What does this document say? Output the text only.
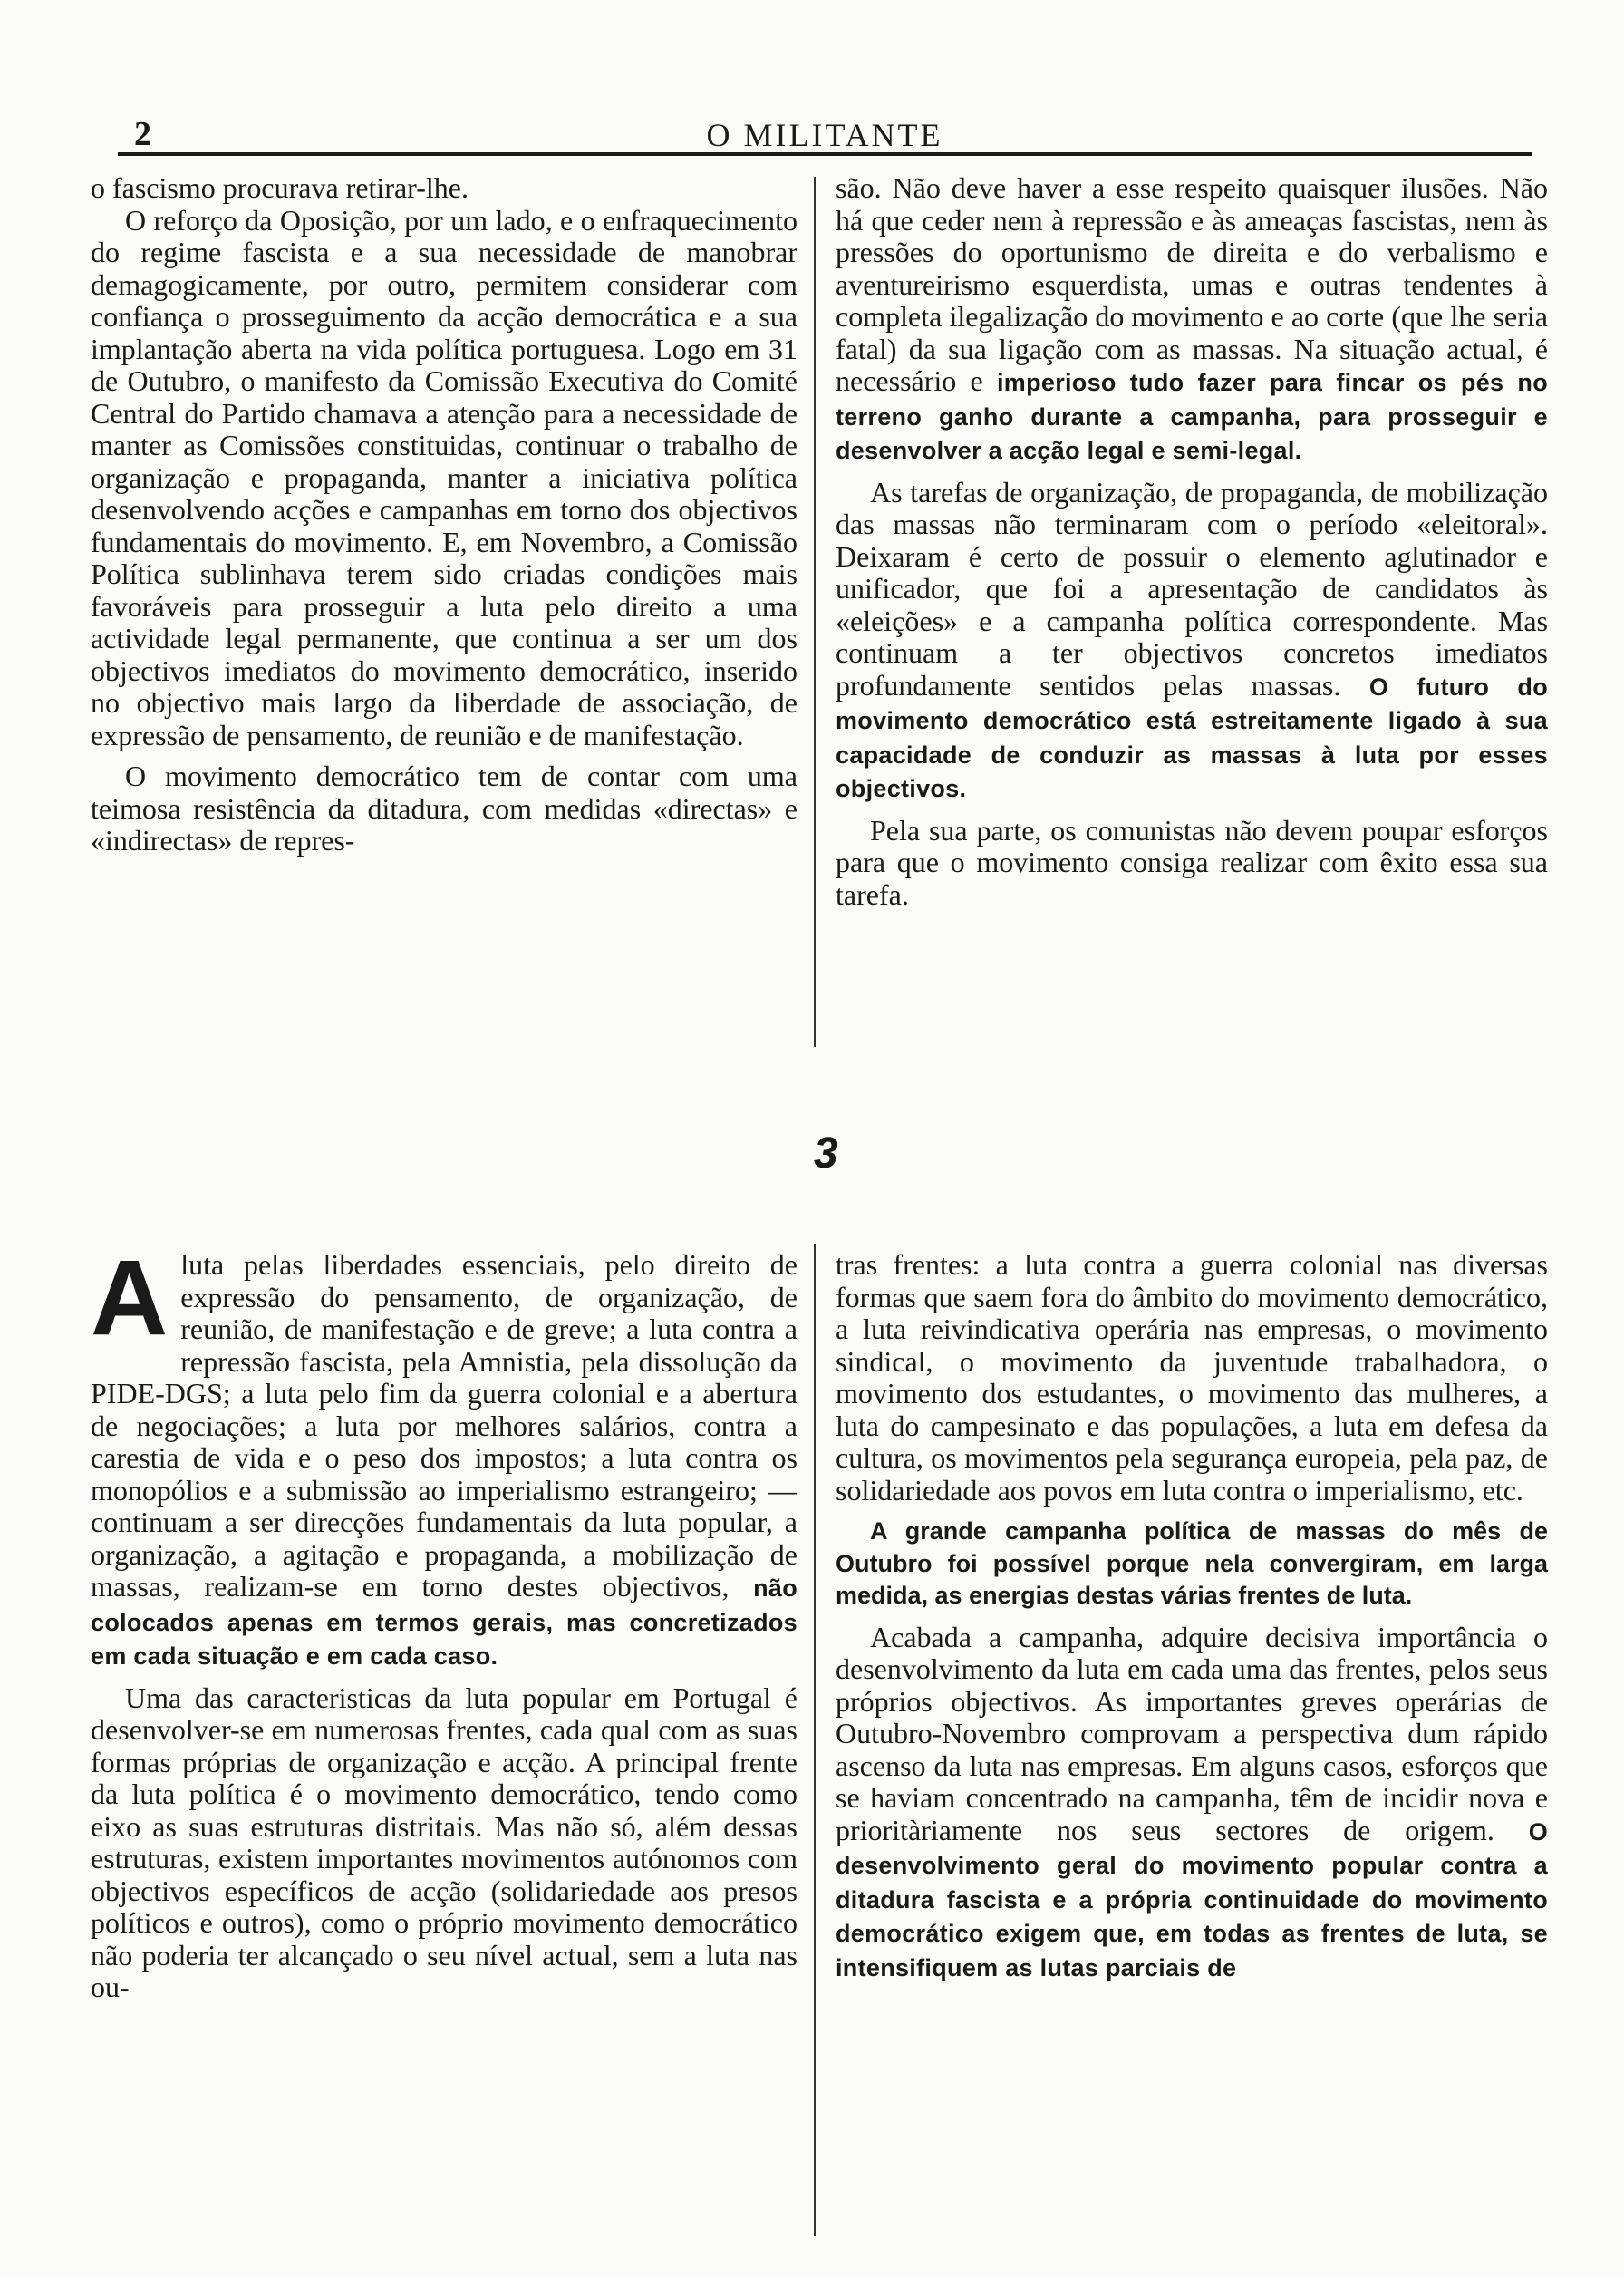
2	O MILITANTE

o fascismo procurava retirar-lhe.

O reforço da Oposição, por um lado, e o enfraquecimento do regime fascista e a sua necessidade de manobrar demagogicamente, por outro, permitem considerar com confiança o prosseguimento da acção democrática e a sua implantação aberta na vida política portuguesa. Logo em 31 de Outubro, o manifesto da Comissão Executiva do Comité Central do Partido chamava a atenção para a necessidade de manter as Comissões constituidas, continuar o trabalho de organização e propaganda, manter a iniciativa política desenvolvendo acções e campanhas em torno dos objectivos fundamentais do movimento. E, em Novembro, a Comissão Política sublinhava terem sido criadas condições mais favoráveis para prosseguir a luta pelo direito a uma actividade legal permanente, que continua a ser um dos objectivos imediatos do movimento democrático, inserido no objectivo mais largo da liberdade de associação, de expressão de pensamento, de reunião e de manifestação.

O movimento democrático tem de contar com uma teimosa resistência da ditadura, com medidas «directas» e «indirectas» de repres-

são. Não deve haver a esse respeito quaisquer ilusões. Não há que ceder nem à repressão e às ameaças fascistas, nem às pressões do oportunismo de direita e do verbalismo e aventureirismo esquerdista, umas e outras tendentes à completa ilegalização do movimento e ao corte (que lhe seria fatal) da sua ligação com as massas. Na situação actual, é necessário e imperioso tudo fazer para fincar os pés no terreno ganho durante a campanha, para prosseguir e desenvolver a acção legal e semi-legal.

As tarefas de organização, de propaganda, de mobilização das massas não terminaram com o período «eleitoral». Deixaram é certo de possuir o elemento aglutinador e unificador, que foi a apresentação de candidatos às «eleições» e a campanha política correspondente. Mas continuam a ter objectivos concretos imediatos profundamente sentidos pelas massas. O futuro do movimento democrático está estreitamente ligado à sua capacidade de conduzir as massas à luta por esses objectivos.

Pela sua parte, os comunistas não devem poupar esforços para que o movimento consiga realizar com êxito essa sua tarefa.

3

Aluta pelas liberdades essenciais, pelo direito de expressão do pensamento, de organização, de reunião, de manifestação e de greve; a luta contra a repressão fascista, pela Amnistia, pela dissolução da PIDE-DGS; a luta pelo fim da guerra colonial e a abertura de negociações; a luta por melhores salários, contra a carestia de vida e o peso dos impostos; a luta contra os monopólios e a submissão ao imperialismo estrangeiro; — continuam a ser direcções fundamentais da luta popular, a organização, a agitação e propaganda, a mobilização de massas, realizam-se em torno destes objectivos, não colocados apenas em termos gerais, mas concretizados em cada situação e em cada caso.

Uma das caracteristicas da luta popular em Portugal é desenvolver-se em numerosas frentes, cada qual com as suas formas próprias de organização e acção. A principal frente da luta política é o movimento democrático, tendo como eixo as suas estruturas distritais. Mas não só, além dessas estruturas, existem importantes movimentos autónomos com objectivos específicos de acção (solidariedade aos presos políticos e outros), como o próprio movimento democrático não poderia ter alcançado o seu nível actual, sem a luta nas ou-

tras frentes: a luta contra a guerra colonial nas diversas formas que saem fora do âmbito do movimento democrático, a luta reivindicativa operária nas empresas, o movimento sindical, o movimento da juventude trabalhadora, o movimento dos estudantes, o movimento das mulheres, a luta do campesinato e das populações, a luta em defesa da cultura, os movimentos pela segurança europeia, pela paz, de solidariedade aos povos em luta contra o imperialismo, etc.

A grande campanha política de massas do mês de Outubro foi possível porque nela convergiram, em larga medida, as energias destas várias frentes de luta.

Acabada a campanha, adquire decisiva importância o desenvolvimento da luta em cada uma das frentes, pelos seus próprios objectivos. As importantes greves operárias de Outubro-Novembro comprovam a perspectiva dum rápido ascenso da luta nas empresas. Em alguns casos, esforços que se haviam concentrado na campanha, têm de incidir nova e prioritàriamente nos seus sectores de origem. O desenvolvimento geral do movimento popular contra a ditadura fascista e a própria continuidade do movimento democrático exigem que, em todas as frentes de luta, se intensifiquem as lutas parciais de
